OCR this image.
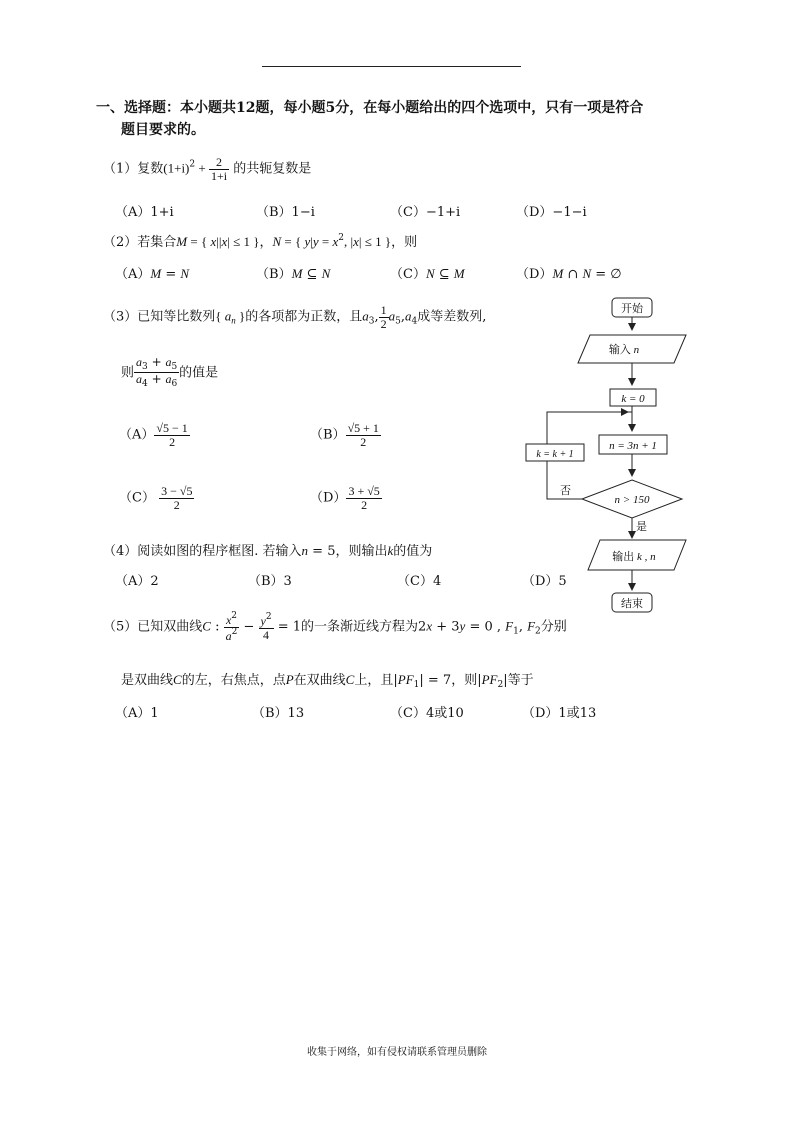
一、选择题：本小题共12题，每小题5分，在每小题给出的四个选项中，只有一项是符合
题目要求的。
（1）复数$(1+i)^2 + \frac{2}{1+i}$ 的共轭复数是
（A）1+i	（B）1−i	（C）−1+i	（D）−1−i
（2）若集合M = { x||x| ≤ 1 }，N = { $y|y = x^2$, |x| ≤ 1 }，则
（A）M = N	（B）M ⊆ N	（C）N ⊆ M	（D）M ∩ N = ∅
（3）已知等比数列{ $a_n$ }的各项都为正数，且$a_3$, $\frac{1}{2} a_5,a_4$成等差数列,
则 $\frac{a_3 + a_5}{a_4 + a_6}$ 的值是
$(A) \frac{√5 - 1}{2}$	$(B) \frac{√5 + 1}{2}$
$(C) \frac{3 - √5}{2}$	$(D) \frac{3 + √5}{2}$
（4）阅读如图的程序框图. 若输入n = 5，则输出k的值为
（A）2	（B）3	（C）4	（D）5
（5）已知双曲线C : $\frac{x^2}{a^2} - \frac{y^2}{4} = 1$的一条渐近线方程为2x + 3y = 0 , $F_1$, $F_2$分别
是双曲线C的左，右焦点，点P在双曲线C上，且$|PF_1| = 7$，则$|PF_2|$等于
（A）1	（B）13	（C）4或10	（D）1或13
开始
输入 n
k = 0
n = 3n + 1
n > 150
k = k + 1
否
是
输出 k , n
结束
收集于网络，如有侵权请联系管理员删除
